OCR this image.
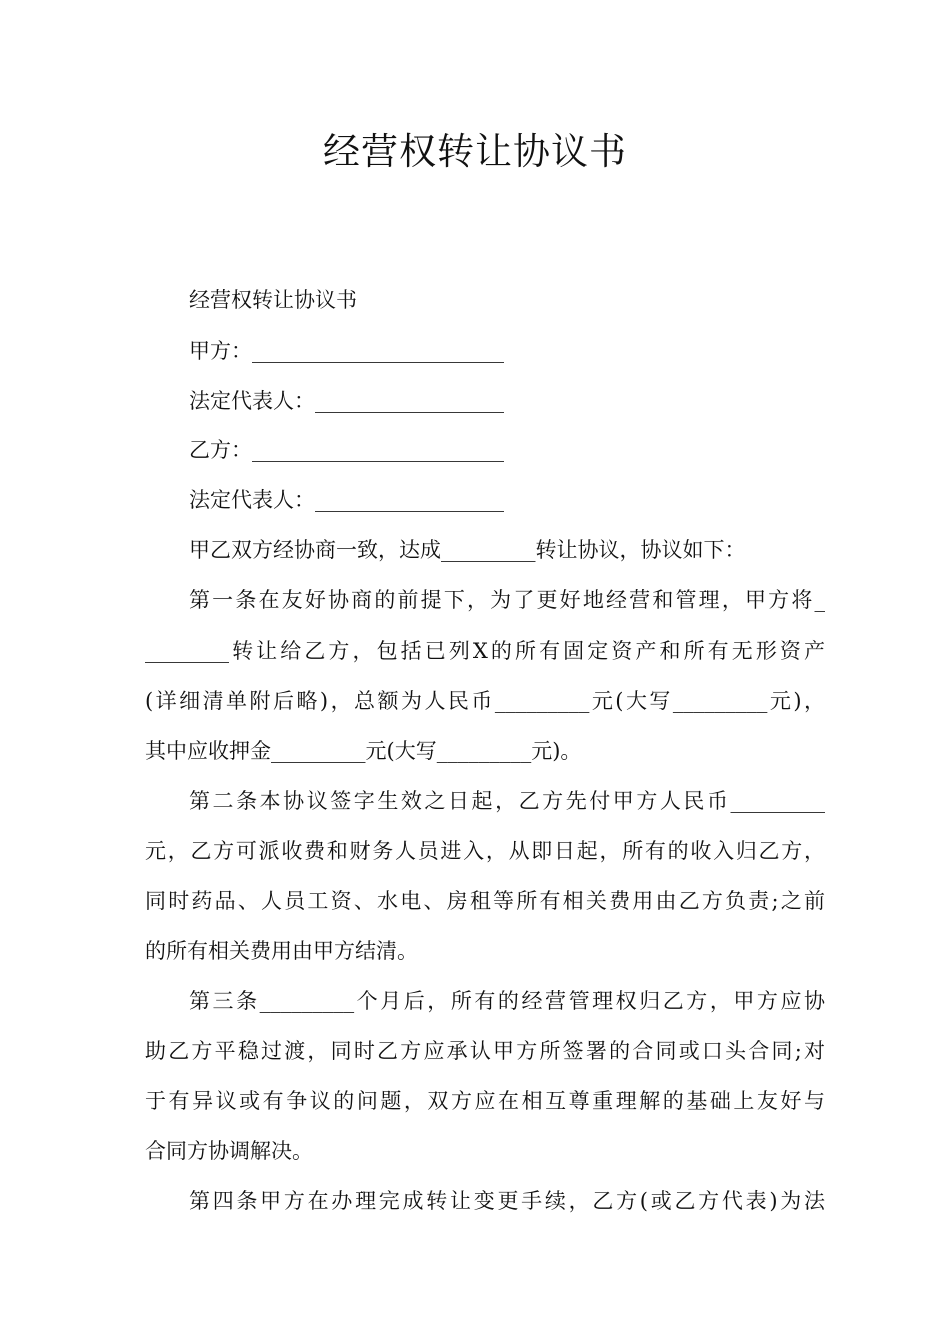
经营权转让协议书
经营权转让协议书
甲方：________________________
法定代表人：__________________
乙方：________________________
法定代表人：__________________
甲乙双方经协商一致，达成_________转让协议，协议如下：
第一条在友好协商的前提下，为了更好地经营和管理，甲方将_
________转让给乙方，包括已列X的所有固定资产和所有无形资产
(详细清单附后略)，总额为人民币_________元(大写_________元)，
其中应收押金_________元(大写_________元)。
第二条本协议签字生效之日起，乙方先付甲方人民币_________
元，乙方可派收费和财务人员进入，从即日起，所有的收入归乙方，
同时药品、人员工资、水电、房租等所有相关费用由乙方负责;之前
的所有相关费用由甲方结清。
第三条_________个月后，所有的经营管理权归乙方，甲方应协
助乙方平稳过渡，同时乙方应承认甲方所签署的合同或口头合同;对
于有异议或有争议的问题，双方应在相互尊重理解的基础上友好与
合同方协调解决。
第四条甲方在办理完成转让变更手续，乙方(或乙方代表)为法
